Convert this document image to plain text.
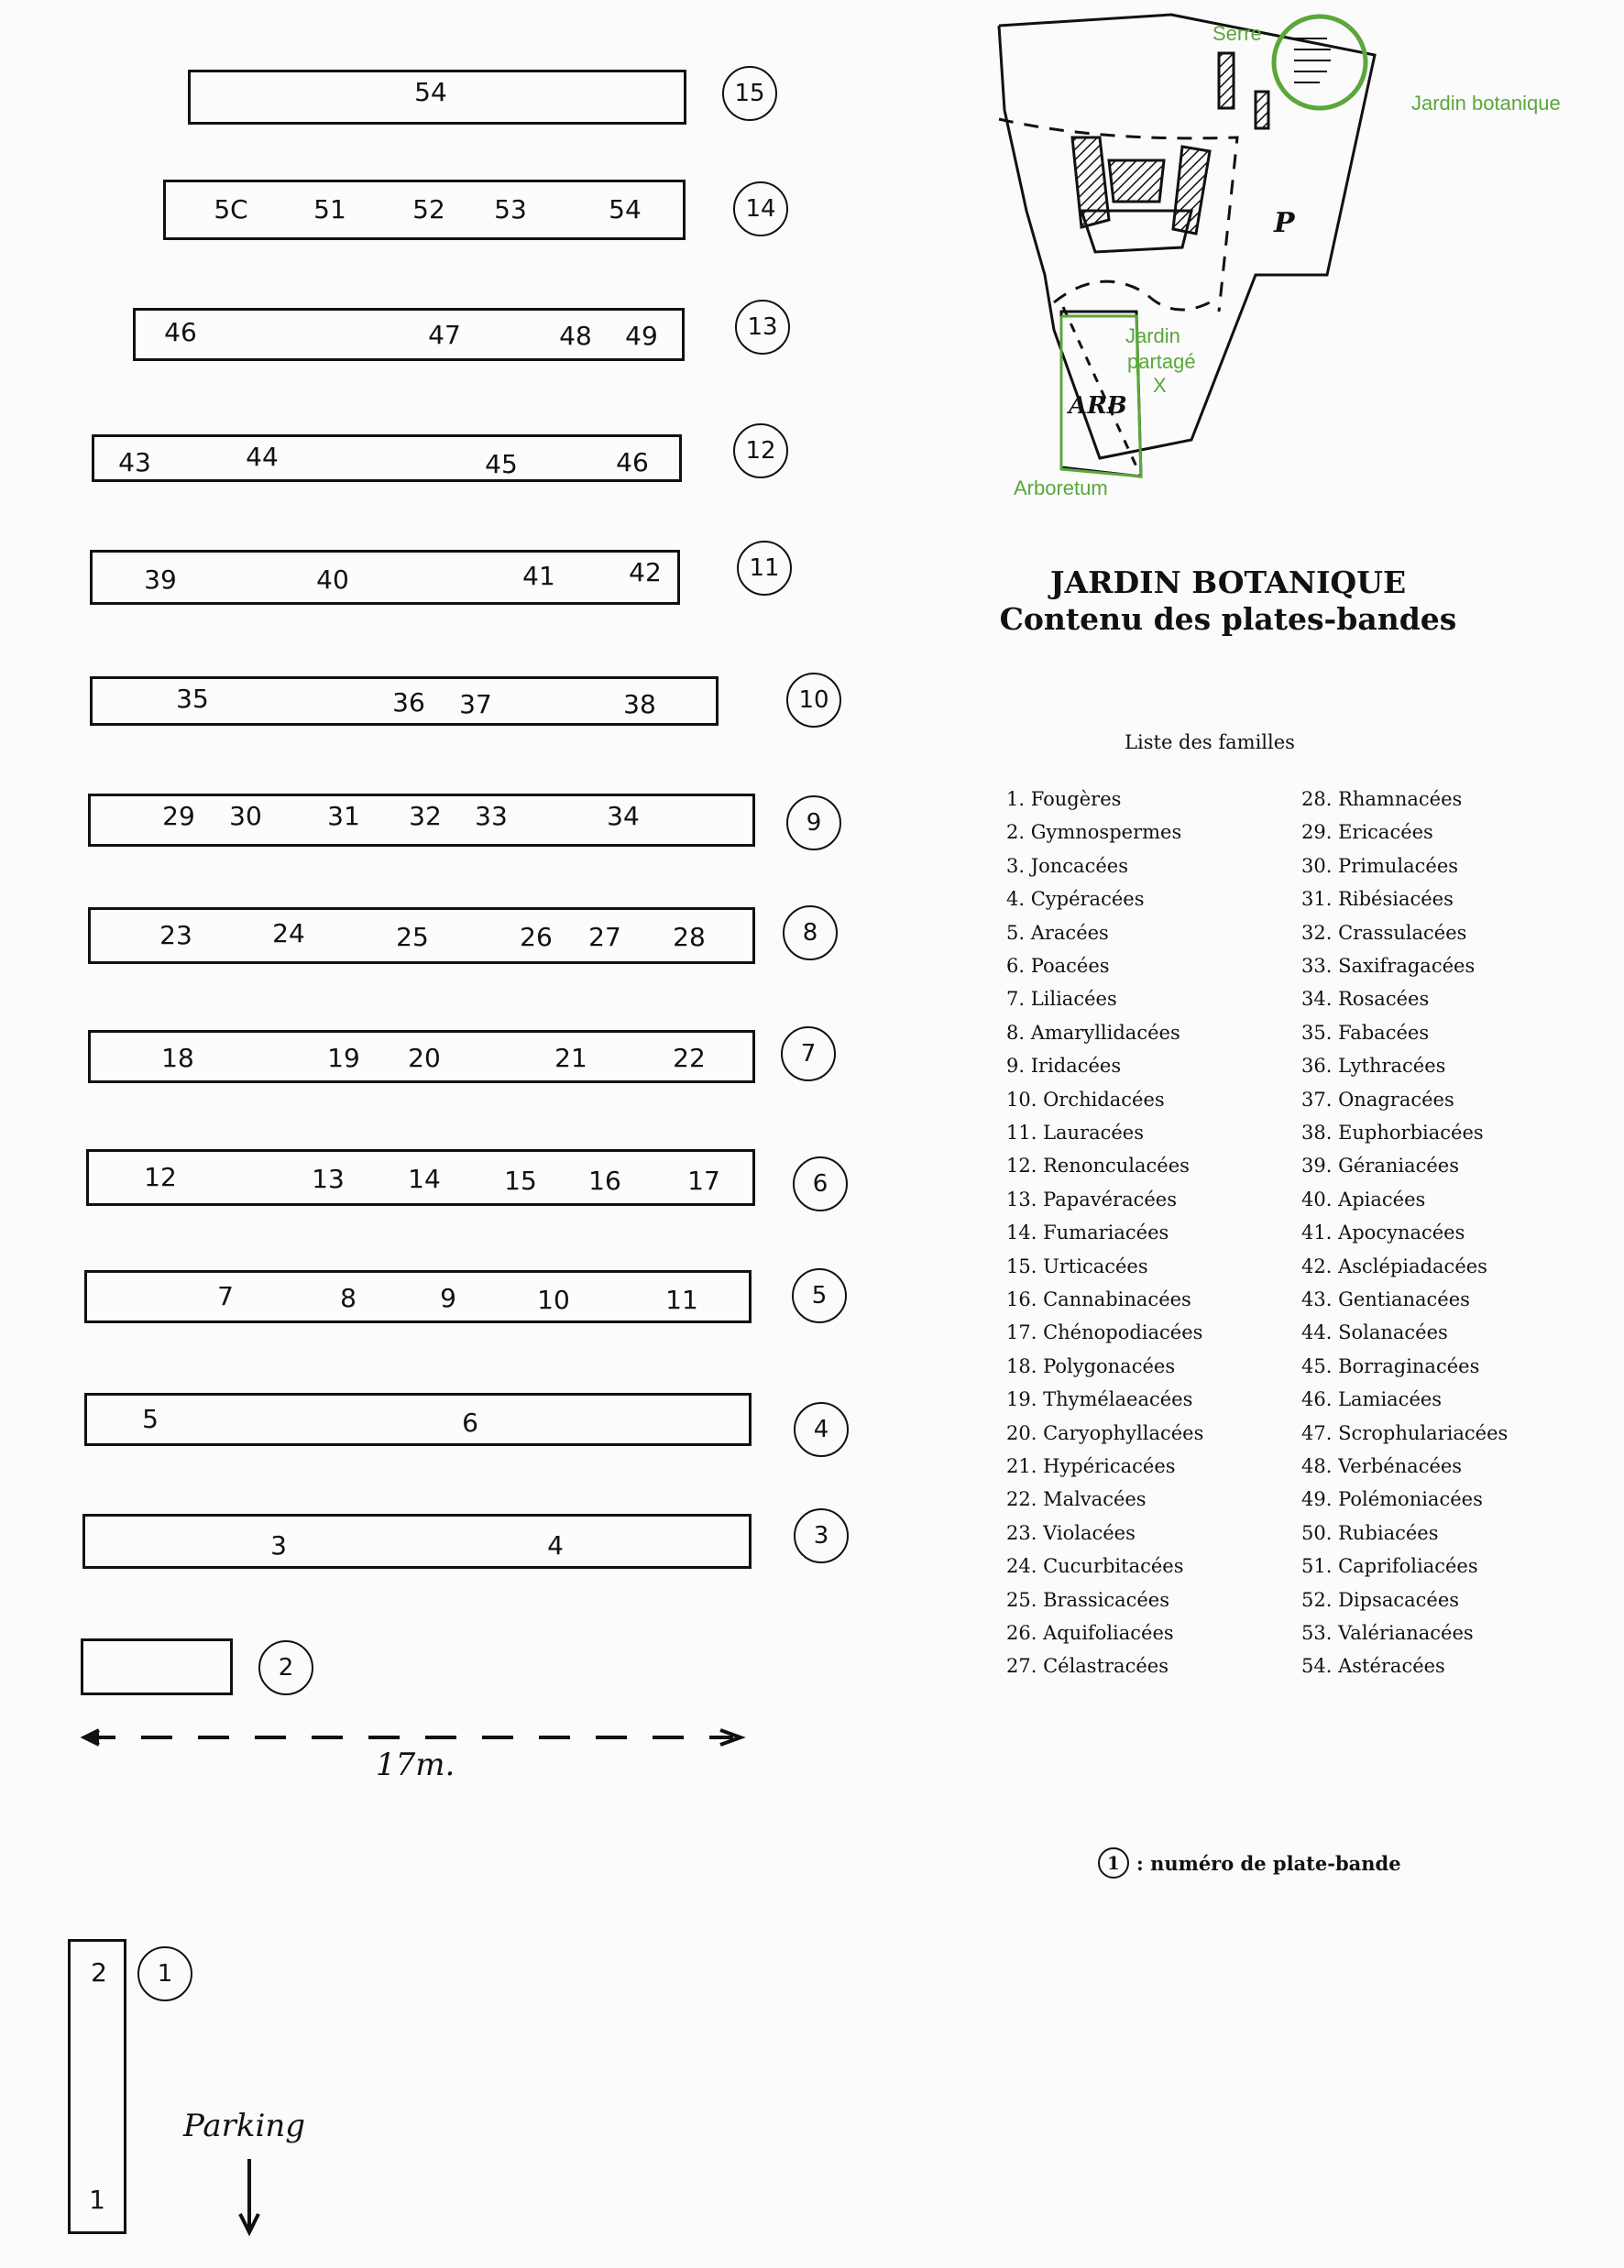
54	15
5C	51	52 53	54	14
46	47	48 49	13
43	44	45	46	12
39	40	41	42	11
35	36 37	38	10
29 30	31 32 33	34	9
23	24	25	26 27 28	8
18	19 20	21	22	7
12	13 14 15 16	17	6
7	8	9	10	11	5
5	6	4
3	4	3
2
2
1
1
17m.
Parking
Serre
Jardin botanique
Jardin
partagé
X
Arboretum
ARB
P
JARDIN BOTANIQUE
Contenu des plates-bandes
Liste des familles
1. Fougères
2. Gymnospermes
3. Joncacées
4. Cypéracées
5. Aracées
6. Poacées
7. Liliacées
8. Amaryllidacées
9. Iridacées
10. Orchidacées
11. Lauracées
12. Renonculacées
13. Papavéracées
14. Fumariacées
15. Urticacées
16. Cannabinacées
17. Chénopodiacées
18. Polygonacées
19. Thymélaeacées
20. Caryophyllacées
21. Hypéricacées
22. Malvacées
23. Violacées
24. Cucurbitacées
25. Brassicacées
26. Aquifoliacées
27. Célastracées
28. Rhamnacées
29. Ericacées
30. Primulacées
31. Ribésiacées
32. Crassulacées
33. Saxifragacées
34. Rosacées
35. Fabacées
36. Lythracées
37. Onagracées
38. Euphorbiacées
39. Géraniacées
40. Apiacées
41. Apocynacées
42. Asclépiadacées
43. Gentianacées
44. Solanacées
45. Borraginacées
46. Lamiacées
47. Scrophulariacées
48. Verbénacées
49. Polémoniacées
50. Rubiacées
51. Caprifoliacées
52. Dipsacacées
53. Valérianacées
54. Astéracées
1 : numéro de plate-bande
